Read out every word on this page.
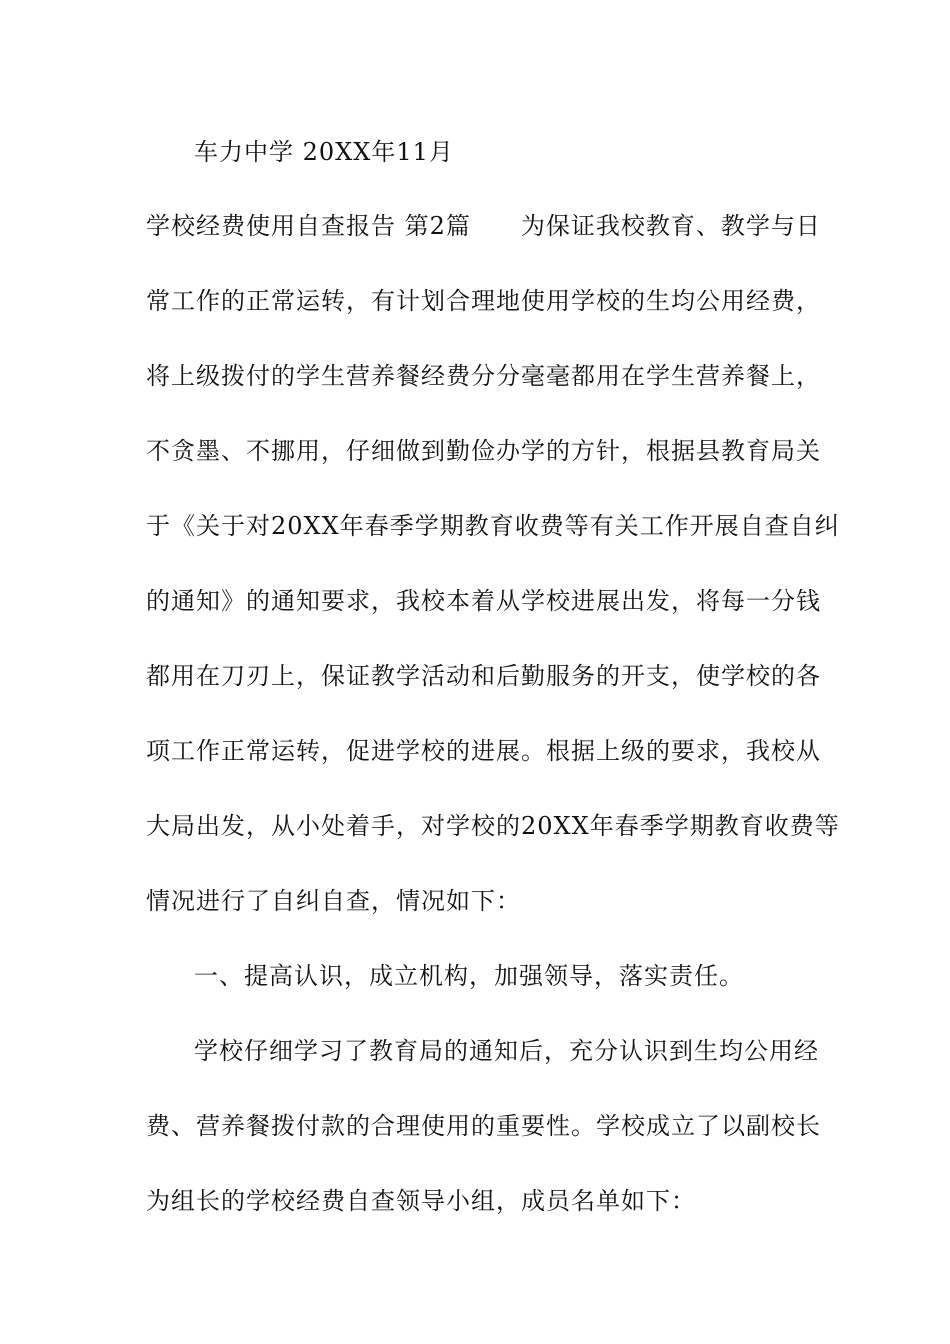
车力中学 20XX年11月
学校经费使用自查报告 第2篇　　为保证我校教育、教学与日
常工作的正常运转，有计划合理地使用学校的生均公用经费，
将上级拨付的学生营养餐经费分分毫毫都用在学生营养餐上，
不贪墨、不挪用，仔细做到勤俭办学的方针，根据县教育局关
于《关于对20XX年春季学期教育收费等有关工作开展自查自纠
的通知》的通知要求，我校本着从学校进展出发，将每一分钱
都用在刀刃上，保证教学活动和后勤服务的开支，使学校的各
项工作正常运转，促进学校的进展。根据上级的要求，我校从
大局出发，从小处着手，对学校的20XX年春季学期教育收费等
情况进行了自纠自查，情况如下：
一、提高认识，成立机构，加强领导，落实责任。
学校仔细学习了教育局的通知后，充分认识到生均公用经
费、营养餐拨付款的合理使用的重要性。学校成立了以副校长
为组长的学校经费自查领导小组，成员名单如下：
